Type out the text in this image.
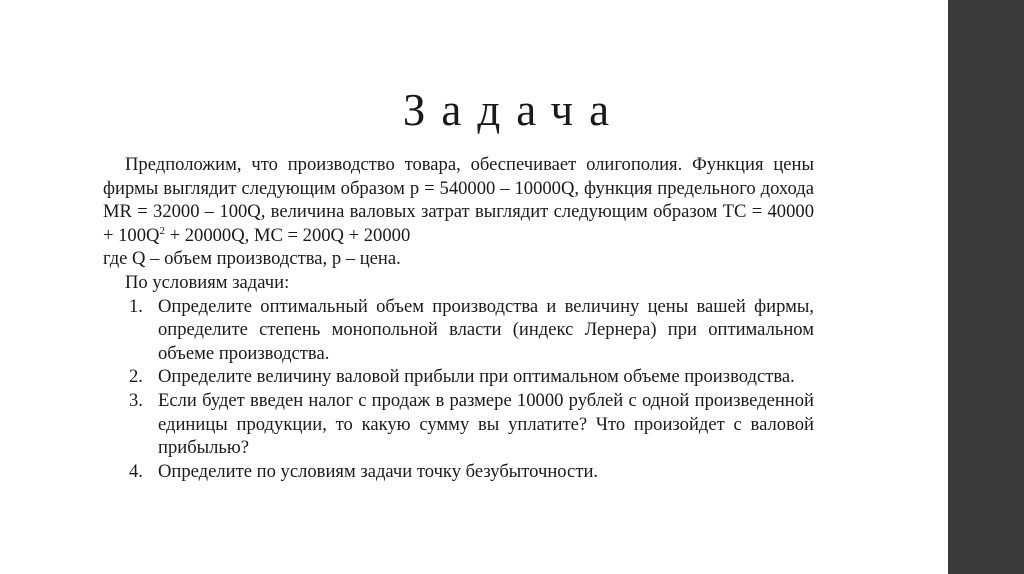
Задача

Предположим, что производство товара, обеспечивает олигополия. Функция цены фирмы выглядит следующим образом р = 540000 – 10000Q, функция предельного дохода MR = 32000 – 100Q, величина валовых затрат выглядит следующим образом ТС = $40000 + 100Q^2 + 20000Q$, МС = 200Q + 20000

где Q – объем производства, р – цена.

По условиям задачи:

1. Определите оптимальный объем производства и величину цены вашей фирмы, определите степень монопольной власти (индекс Лернера) при оптимальном объеме производства.
2. Определите величину валовой прибыли при оптимальном объеме производства.
3. Если будет введен налог с продаж в размере 10000 рублей с одной произведенной единицы продукции, то какую сумму вы уплатите? Что произойдет с валовой прибылью?
4. Определите по условиям задачи точку безубыточности.
